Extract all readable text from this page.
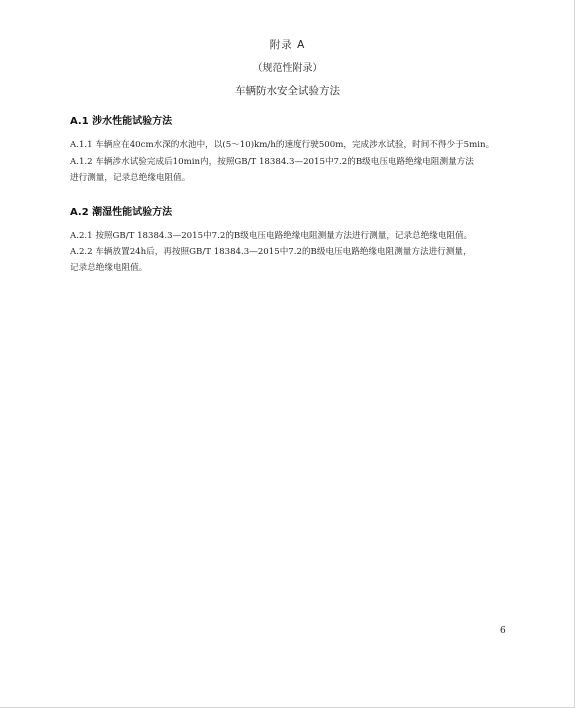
附录 A
（规范性附录）
车辆防水安全试验方法
A.1 涉水性能试验方法
A.1.1 车辆应在40cm水深的水池中，以(5～10)km/h的速度行驶500m，完成涉水试验，时间不得少于5min。
A.1.2 车辆涉水试验完成后10min内，按照GB/T 18384.3—2015中7.2的B级电压电路绝缘电阻测量方法
进行测量，记录总绝缘电阻值。
A.2 潮湿性能试验方法
A.2.1 按照GB/T 18384.3—2015中7.2的B级电压电路绝缘电阻测量方法进行测量，记录总绝缘电阻值。
A.2.2 车辆放置24h后，再按照GB/T 18384.3—2015中7.2的B级电压电路绝缘电阻测量方法进行测量，
记录总绝缘电阻值。
6
